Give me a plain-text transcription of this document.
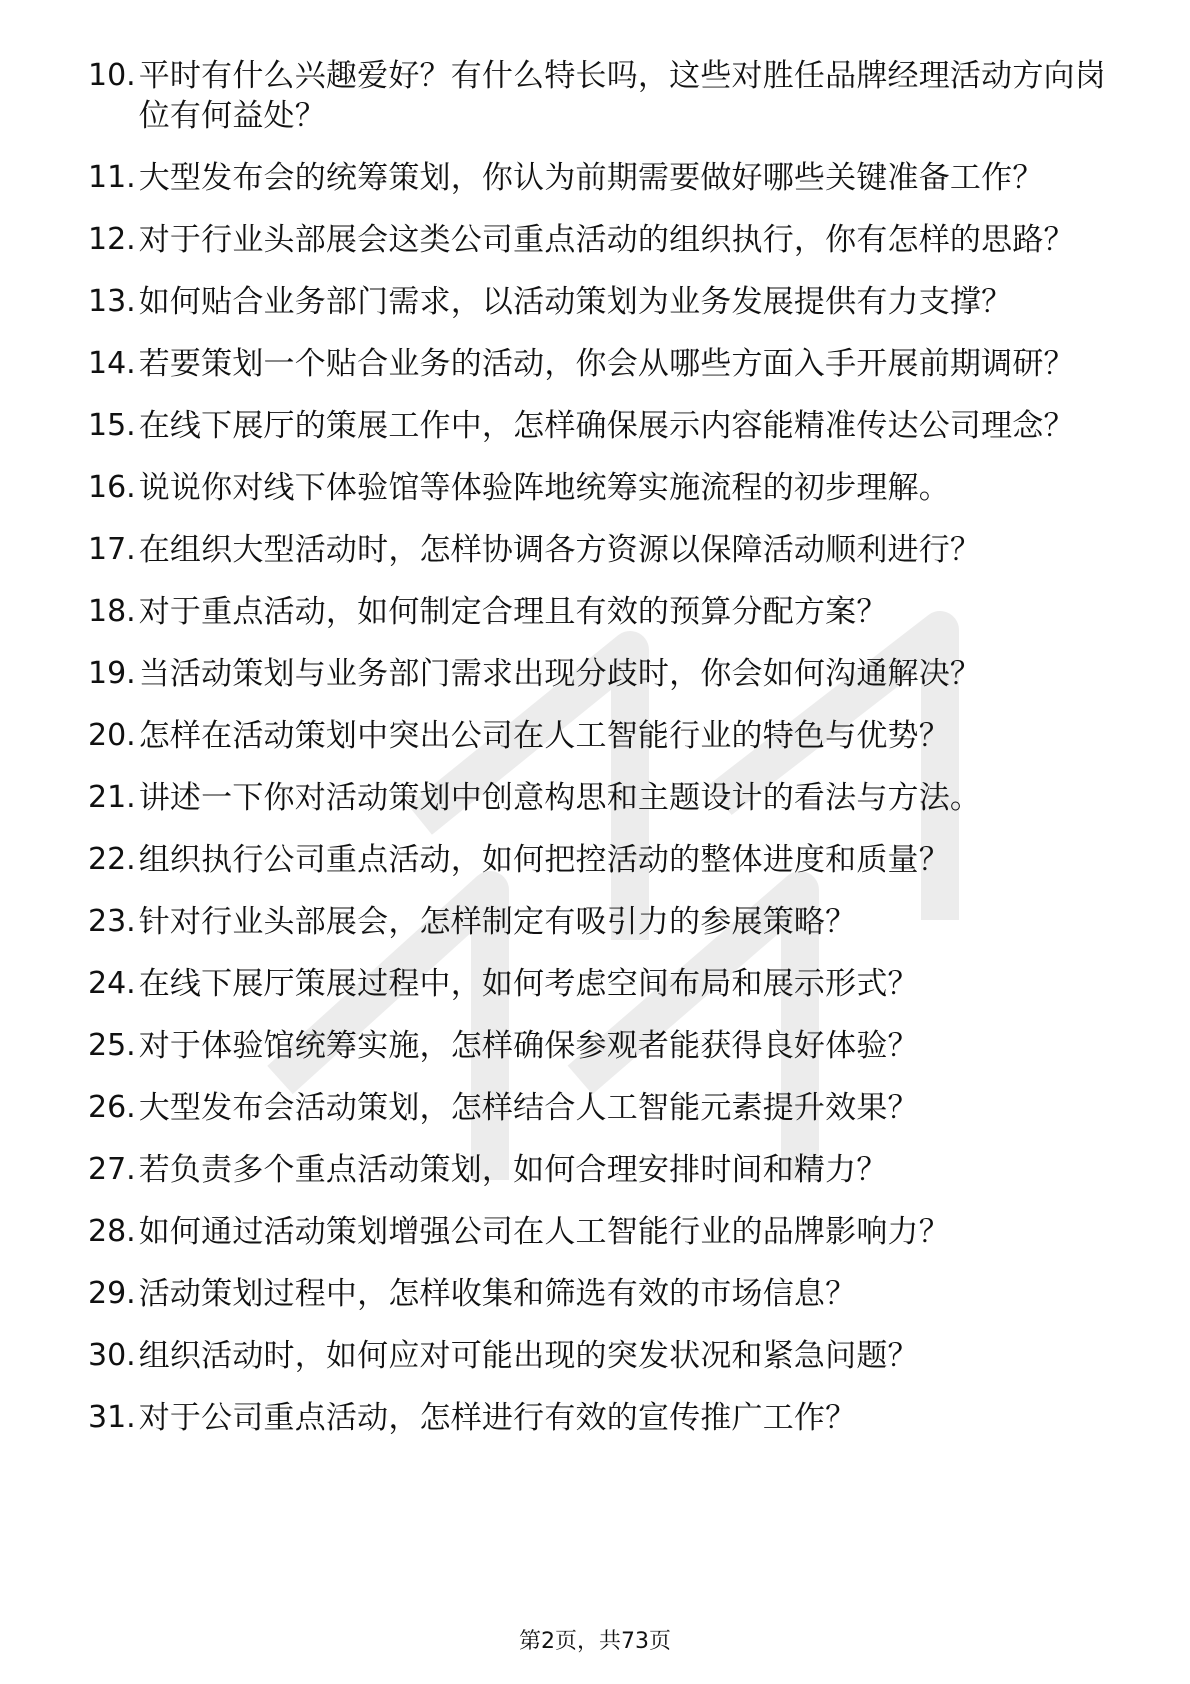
10. 平时有什么兴趣爱好？有什么特长吗，这些对胜任品牌经理活动方向岗位有何益处？
11. 大型发布会的统筹策划，你认为前期需要做好哪些关键准备工作？
12. 对于行业头部展会这类公司重点活动的组织执行，你有怎样的思路？
13. 如何贴合业务部门需求，以活动策划为业务发展提供有力支撑？
14. 若要策划一个贴合业务的活动，你会从哪些方面入手开展前期调研？
15. 在线下展厅的策展工作中，怎样确保展示内容能精准传达公司理念？
16. 说说你对线下体验馆等体验阵地统筹实施流程的初步理解。
17. 在组织大型活动时，怎样协调各方资源以保障活动顺利进行？
18. 对于重点活动，如何制定合理且有效的预算分配方案？
19. 当活动策划与业务部门需求出现分歧时，你会如何沟通解决？
20. 怎样在活动策划中突出公司在人工智能行业的特色与优势？
21. 讲述一下你对活动策划中创意构思和主题设计的看法与方法。
22. 组织执行公司重点活动，如何把控活动的整体进度和质量？
23. 针对行业头部展会，怎样制定有吸引力的参展策略？
24. 在线下展厅策展过程中，如何考虑空间布局和展示形式？
25. 对于体验馆统筹实施，怎样确保参观者能获得良好体验？
26. 大型发布会活动策划，怎样结合人工智能元素提升效果？
27. 若负责多个重点活动策划，如何合理安排时间和精力？
28. 如何通过活动策划增强公司在人工智能行业的品牌影响力？
29. 活动策划过程中，怎样收集和筛选有效的市场信息？
30. 组织活动时，如何应对可能出现的突发状况和紧急问题？
31. 对于公司重点活动，怎样进行有效的宣传推广工作？
第2页，共73页
